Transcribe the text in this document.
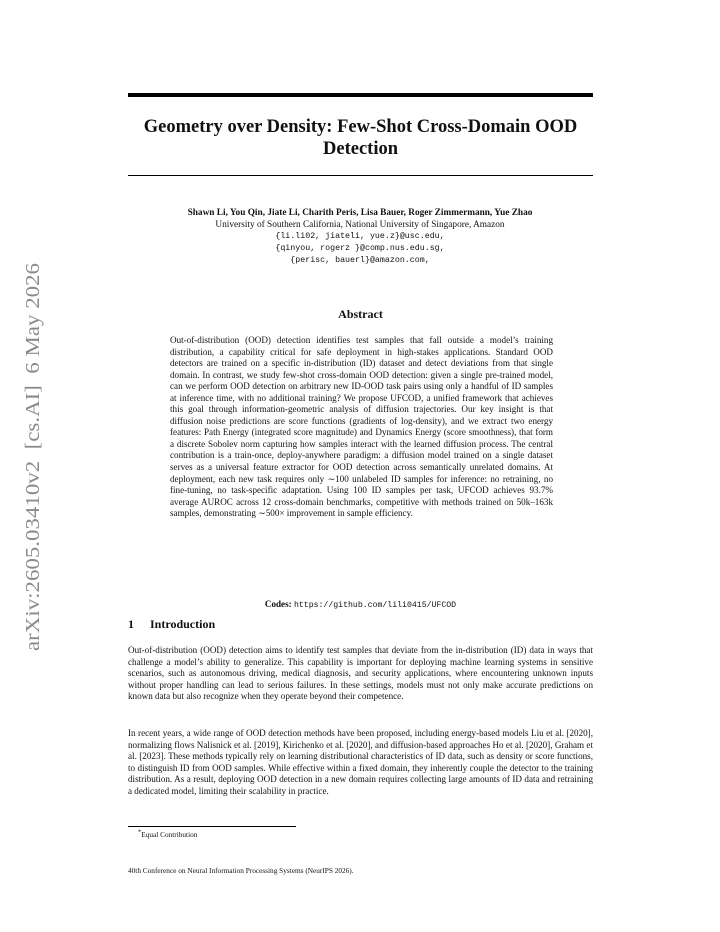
arXiv:2605.03410v2  [cs.AI]  6 May 2026
Geometry over Density: Few-Shot Cross-Domain OOD Detection
Shawn Li, You Qin, Jiate Li, Charith Peris, Lisa Bauer, Roger Zimmermann, Yue Zhao
University of Southern California, National University of Singapore, Amazon
{li.li02, jiateli, yue.z}@usc.edu,
{qinyou, rogerz }@comp.nus.edu.sg,
{perisc, bauerl}@amazon.com,
Abstract

Out-of-distribution (OOD) detection identifies test samples that fall outside a model’s training distribution, a capability critical for safe deployment in high-stakes applications. Standard OOD detectors are trained on a specific in-distribution (ID) dataset and detect deviations from that single domain. In contrast, we study few-shot cross-domain OOD detection: given a single pre-trained model, can we perform OOD detection on arbitrary new ID-OOD task pairs using only a handful of ID samples at inference time, with no additional training? We propose UFCOD, a unified framework that achieves this goal through information-geometric analysis of diffusion trajectories. Our key insight is that diffusion noise predictions are score functions (gradients of log-density), and we extract two energy features: Path Energy (integrated score magnitude) and Dynamics Energy (score smoothness), that form a discrete Sobolev norm capturing how samples interact with the learned diffusion process. The central contribution is a train-once, deploy-anywhere paradigm: a diffusion model trained on a single dataset serves as a universal feature extractor for OOD detection across semantically unrelated domains. At deployment, each new task requires only ∼100 unlabeled ID samples for inference: no retraining, no fine-tuning, no task-specific adaptation. Using 100 ID samples per task, UFCOD achieves 93.7% average AUROC across 12 cross-domain benchmarks, competitive with methods trained on 50k–163k samples, demonstrating ∼500× improvement in sample efficiency.

Codes: https://github.com/lili0415/UFCOD
1 Introduction

Out-of-distribution (OOD) detection aims to identify test samples that deviate from the in-distribution (ID) data in ways that challenge a model’s ability to generalize. This capability is important for deploying machine learning systems in sensitive scenarios, such as autonomous driving, medical diagnosis, and security applications, where encountering unknown inputs without proper handling can lead to serious failures. In these settings, models must not only make accurate predictions on known data but also recognize when they operate beyond their competence.

In recent years, a wide range of OOD detection methods have been proposed, including energy-based models Liu et al. [2020], normalizing flows Nalisnick et al. [2019], Kirichenko et al. [2020], and diffusion-based approaches Ho et al. [2020], Graham et al. [2023]. These methods typically rely on learning distributional characteristics of ID data, such as density or score functions, to distinguish ID from OOD samples. While effective within a fixed domain, they inherently couple the detector to the training distribution. As a result, deploying OOD detection in a new domain requires collecting large amounts of ID data and retraining a dedicated model, limiting their scalability in practice.

*Equal Contribution
40th Conference on Neural Information Processing Systems (NeurIPS 2026).
